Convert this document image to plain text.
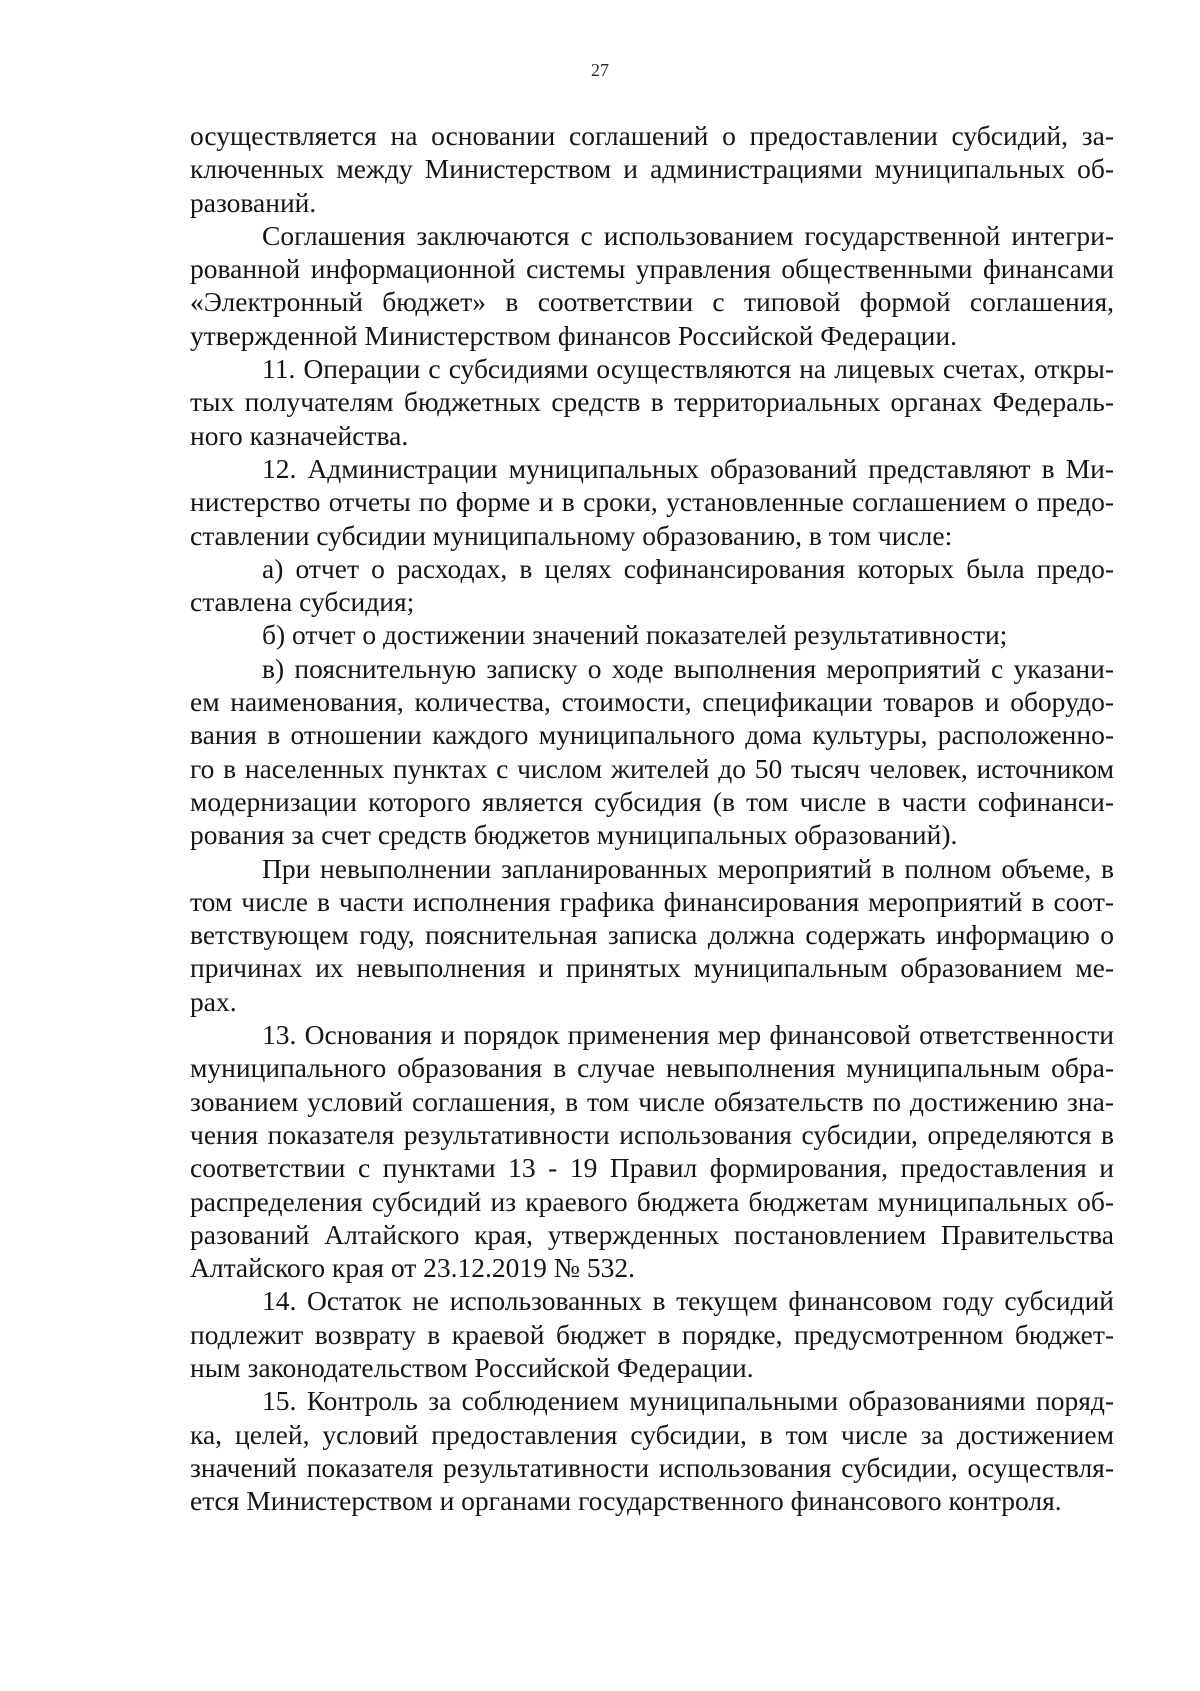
27
осуществляется на основании соглашений о предоставлении субсидий, за-
ключенных между Министерством и администрациями муниципальных об-
разований.
Соглашения заключаются с использованием государственной интегри-
рованной информационной системы управления общественными финансами
«Электронный бюджет» в соответствии с типовой формой соглашения,
утвержденной Министерством финансов Российской Федерации.
11. Операции с субсидиями осуществляются на лицевых счетах, откры-
тых получателям бюджетных средств в территориальных органах Федераль-
ного казначейства.
12. Администрации муниципальных образований представляют в Ми-
нистерство отчеты по форме и в сроки, установленные соглашением о предо-
ставлении субсидии муниципальному образованию, в том числе:
а) отчет о расходах, в целях софинансирования которых была предо-
ставлена субсидия;
б) отчет о достижении значений показателей результативности;
в) пояснительную записку о ходе выполнения мероприятий с указани-
ем наименования, количества, стоимости, спецификации товаров и оборудо-
вания в отношении каждого муниципального дома культуры, расположенно-
го в населенных пунктах с числом жителей до 50 тысяч человек, источником
модернизации которого является субсидия (в том числе в части софинанси-
рования за счет средств бюджетов муниципальных образований).
При невыполнении запланированных мероприятий в полном объеме, в
том числе в части исполнения графика финансирования мероприятий в соот-
ветствующем году, пояснительная записка должна содержать информацию о
причинах их невыполнения и принятых муниципальным образованием ме-
рах.
13. Основания и порядок применения мер финансовой ответственности
муниципального образования в случае невыполнения муниципальным обра-
зованием условий соглашения, в том числе обязательств по достижению зна-
чения показателя результативности использования субсидии, определяются в
соответствии с пунктами 13 - 19 Правил формирования, предоставления и
распределения субсидий из краевого бюджета бюджетам муниципальных об-
разований Алтайского края, утвержденных постановлением Правительства
Алтайского края от 23.12.2019 № 532.
14. Остаток не использованных в текущем финансовом году субсидий
подлежит возврату в краевой бюджет в порядке, предусмотренном бюджет-
ным законодательством Российской Федерации.
15. Контроль за соблюдением муниципальными образованиями поряд-
ка, целей, условий предоставления субсидии, в том числе за достижением
значений показателя результативности использования субсидии, осуществля-
ется Министерством и органами государственного финансового контроля.
